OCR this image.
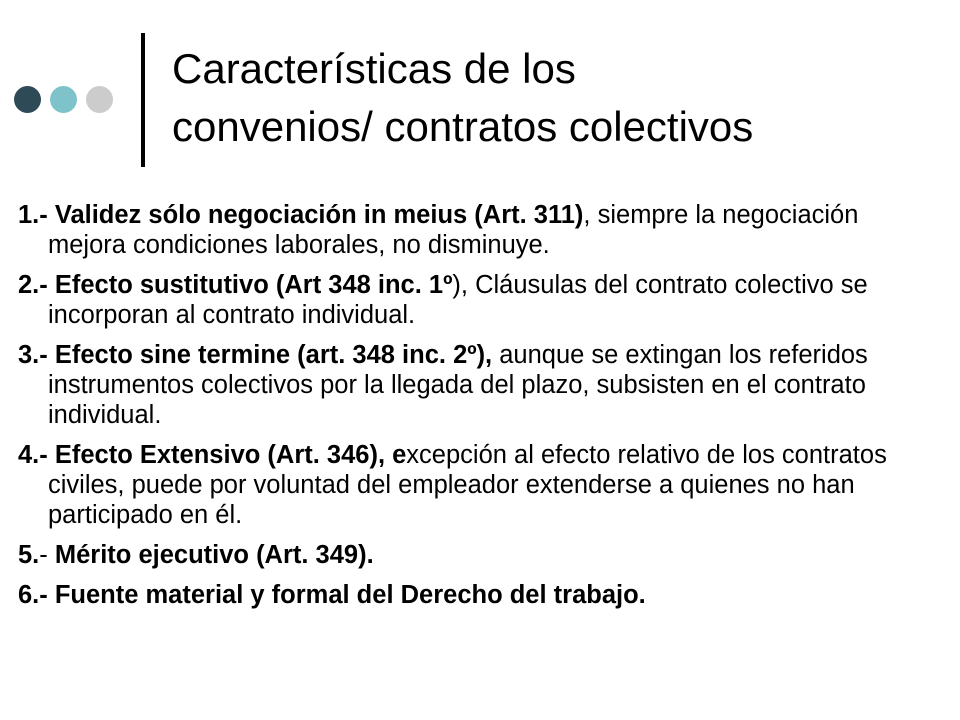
Características de los
convenios/ contratos colectivos
1.- Validez sólo negociación in meius (Art. 311), siempre la negociación mejora condiciones laborales, no disminuye.
2.- Efecto sustitutivo (Art 348 inc. 1º), Cláusulas del contrato colectivo se incorporan al contrato individual.
3.- Efecto sine termine (art. 348 inc. 2º), aunque se extingan los referidos instrumentos colectivos por la llegada del plazo, subsisten en el contrato individual.
4.- Efecto Extensivo (Art. 346), excepción al efecto relativo de los contratos civiles, puede por voluntad del empleador extenderse a quienes no han participado en él.
5.- Mérito ejecutivo (Art. 349).
6.- Fuente material y formal del Derecho del trabajo.
